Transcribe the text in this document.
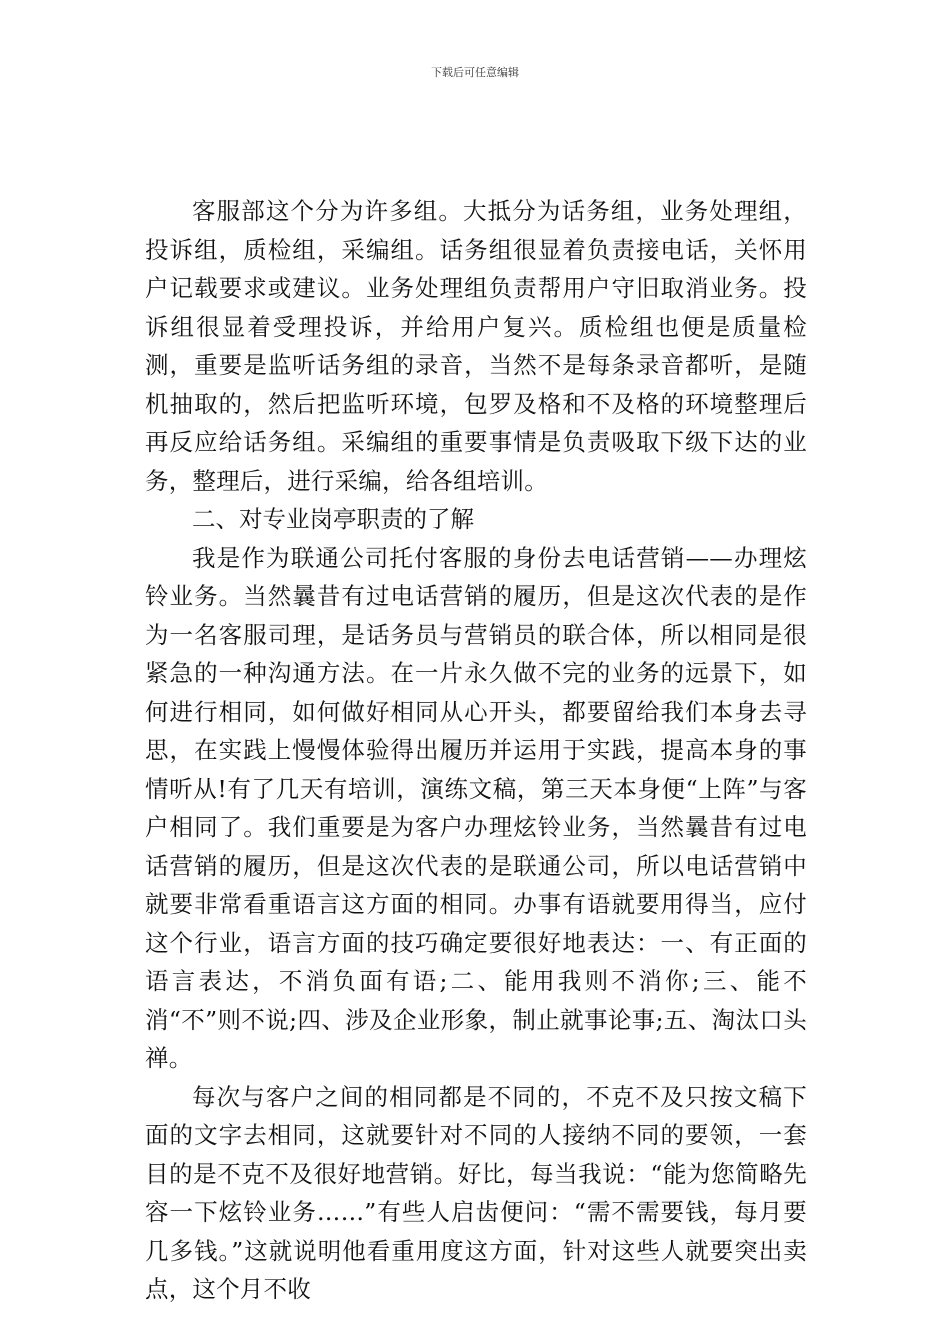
下载后可任意编辑

客服部这个分为许多组。大抵分为话务组，业务处理组，投诉组，质检组，采编组。话务组很显着负责接电话，关怀用户记载要求或建议。业务处理组负责帮用户守旧取消业务。投诉组很显着受理投诉，并给用户复兴。质检组也便是质量检测，重要是监听话务组的录音，当然不是每条录音都听，是随机抽取的，然后把监听环境，包罗及格和不及格的环境整理后再反应给话务组。采编组的重要事情是负责吸取下级下达的业务，整理后，进行采编，给各组培训。

二、对专业岗亭职责的了解

我是作为联通公司托付客服的身份去电话营销——办理炫铃业务。当然曩昔有过电话营销的履历，但是这次代表的是作为一名客服司理，是话务员与营销员的联合体，所以相同是很紧急的一种沟通方法。在一片永久做不完的业务的远景下，如何进行相同，如何做好相同从心开头，都要留给我们本身去寻思，在实践上慢慢体验得出履历并运用于实践，提高本身的事情听从!有了几天有培训，演练文稿，第三天本身便“上阵”与客户相同了。我们重要是为客户办理炫铃业务，当然曩昔有过电话营销的履历，但是这次代表的是联通公司，所以电话营销中就要非常看重语言这方面的相同。办事有语就要用得当，应付这个行业，语言方面的技巧确定要很好地表达：一、有正面的语言表达，不消负面有语;二、能用我则不消你;三、能不消“不”则不说;四、涉及企业形象，制止就事论事;五、淘汰口头禅。

每次与客户之间的相同都是不同的，不克不及只按文稿下面的文字去相同，这就要针对不同的人接纳不同的要领，一套目的是不克不及很好地营销。好比，每当我说：“能为您简略先容一下炫铃业务……”有些人启齿便问：“需不需要钱，每月要几多钱。”这就说明他看重用度这方面，针对这些人就要突出卖点，这个月不收
